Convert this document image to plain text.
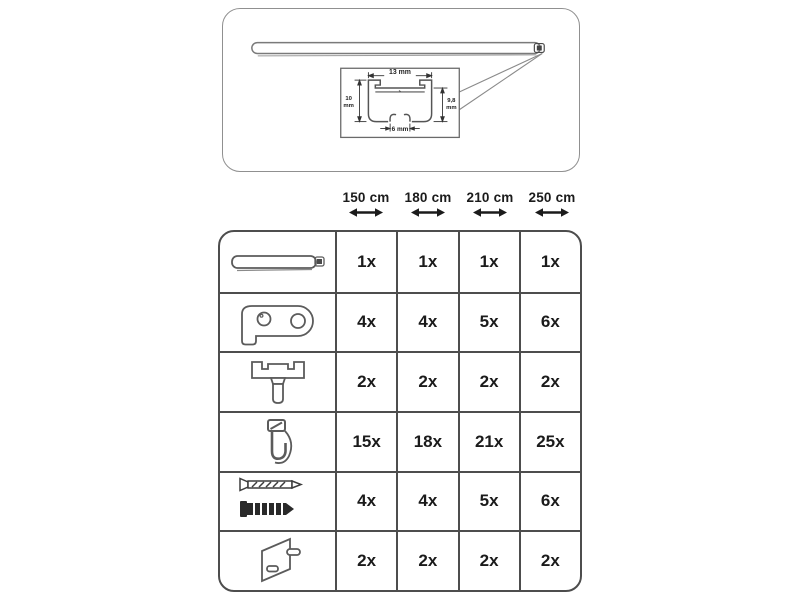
13 mm
10
mm
9,8
mm
6 mm
150 cm	180 cm	210 cm	250 cm
1x 1x 1x 1x
4x 4x 5x 6x
2x 2x 2x 2x
15x 18x 21x 25x
4x 4x 5x 6x
2x 2x 2x 2x
